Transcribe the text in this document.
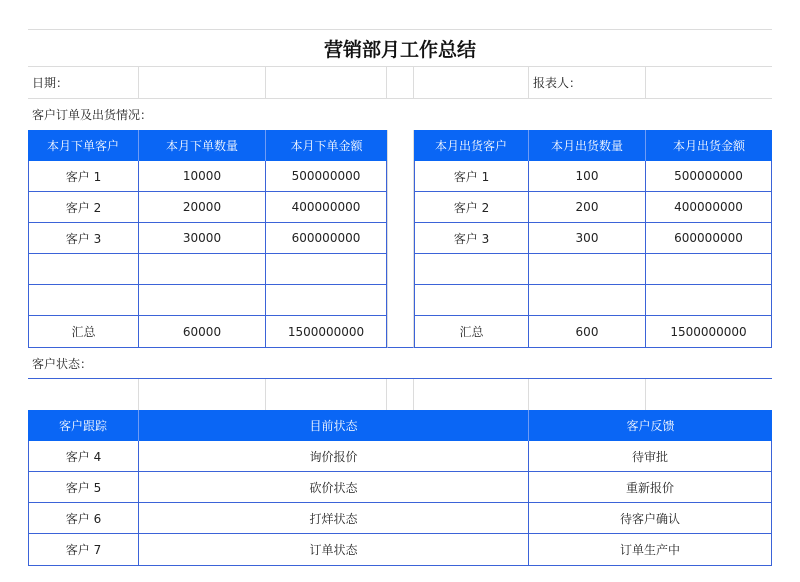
营销部月工作总结
日期：	报表人：
客户订单及出货情况：
本月下单客户	本月下单数量	本月下单金额	本月出货客户	本月出货数量	本月出货金额
客户 1	10000	500000000	客户 1	100	500000000
客户 2	20000	400000000	客户 2	200	400000000
客户 3	30000	600000000	客户 3	300	600000000
汇总	60000	1500000000	汇总	600	1500000000
客户状态：
客户跟踪	目前状态	客户反馈
客户 4	询价报价	待审批
客户 5	砍价状态	重新报价
客户 6	打烊状态	待客户确认
客户 7	订单状态	订单生产中
